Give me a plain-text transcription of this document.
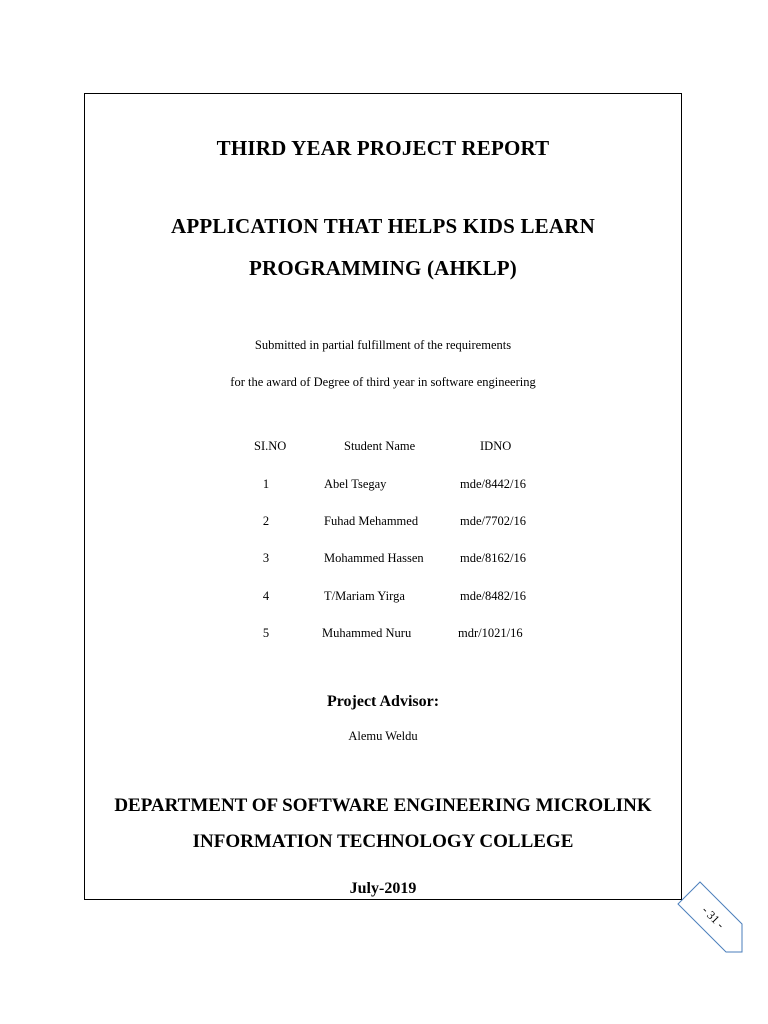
THIRD YEAR PROJECT REPORT
APPLICATION THAT HELPS KIDS LEARN
PROGRAMMING (AHKLP)
Submitted in partial fulfillment of the requirements
for the award of Degree of third year in software engineering
SI.NO	Student Name	IDNO
1	Abel Tsegay	mde/8442/16
2	Fuhad Mehammed	mde/7702/16
3	Mohammed Hassen	mde/8162/16
4	T/Mariam Yirga	mde/8482/16
5	Muhammed Nuru	mdr/1021/16
Project Advisor:
Alemu Weldu
DEPARTMENT OF SOFTWARE ENGINEERING MICROLINK
INFORMATION TECHNOLOGY COLLEGE
July-2019
- 31 -
